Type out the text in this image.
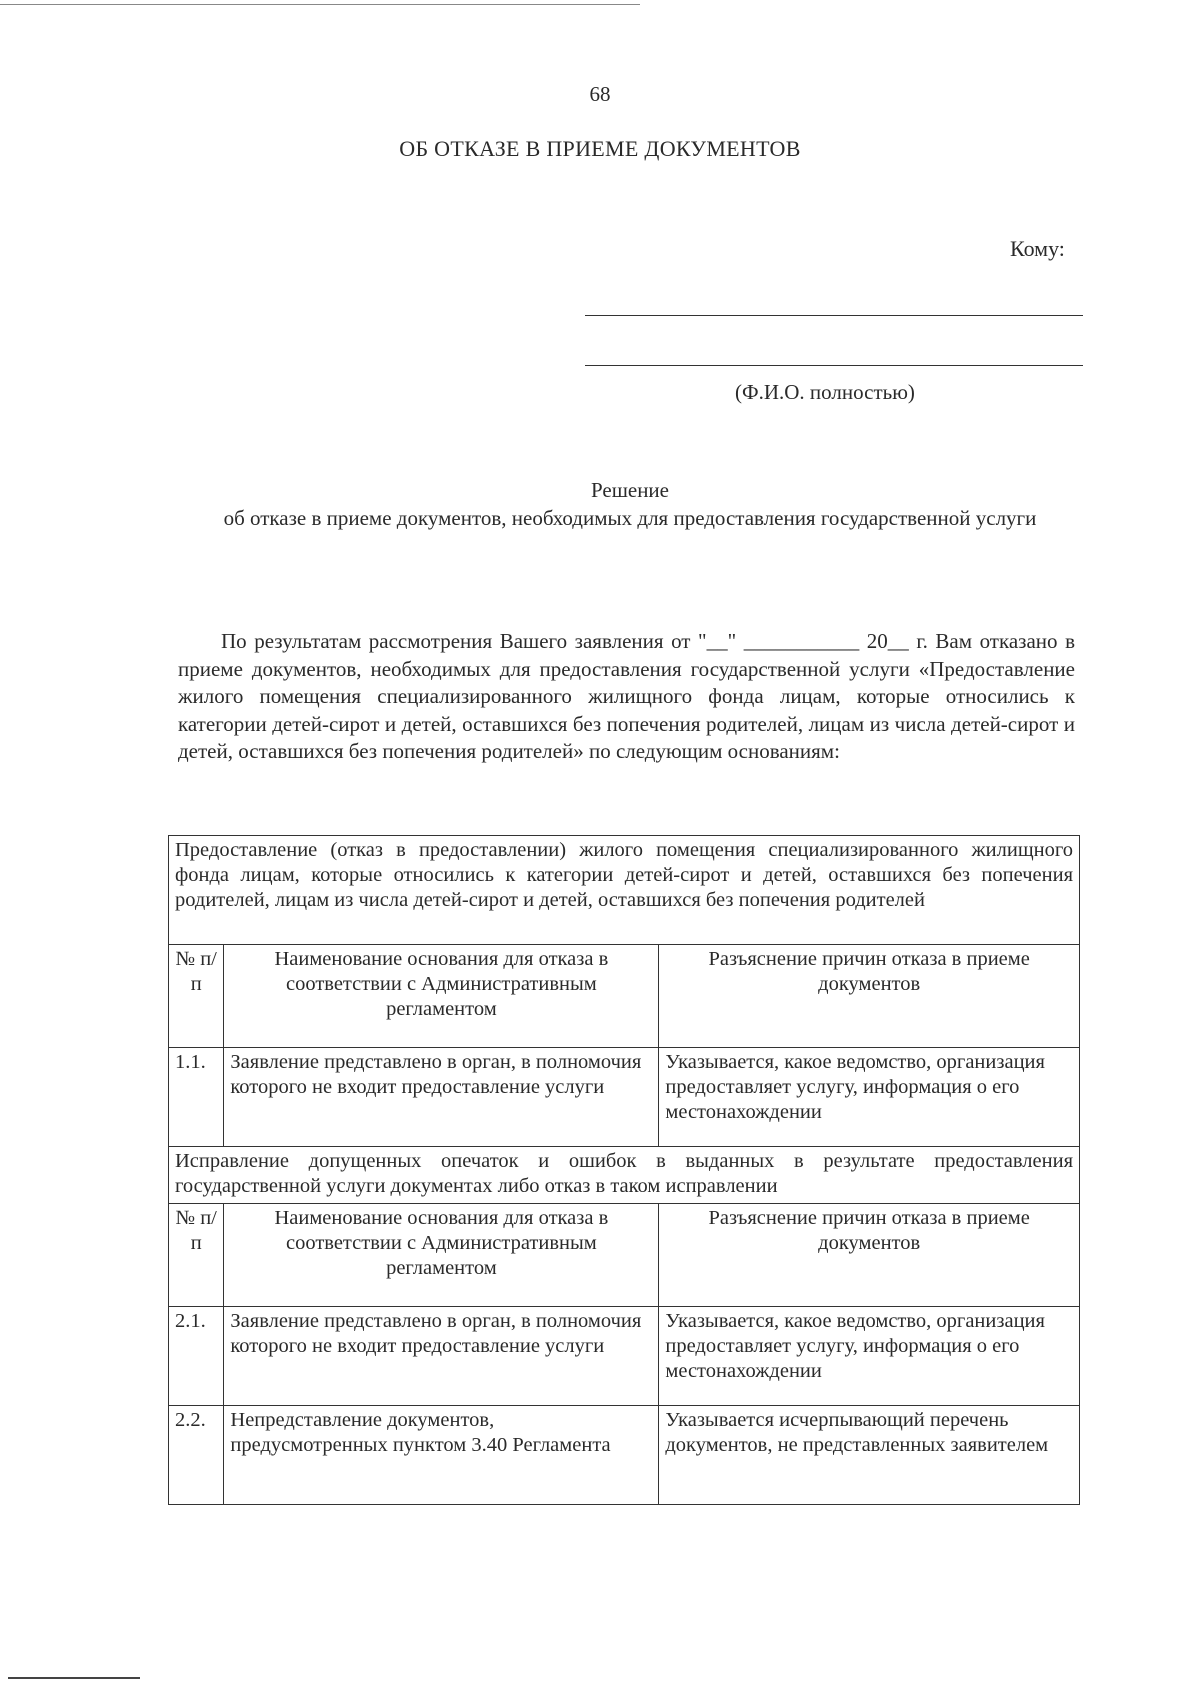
68
ОБ ОТКАЗЕ В ПРИЕМЕ ДОКУМЕНТОВ
Кому:
(Ф.И.О. полностью)
Решение
об отказе в приеме документов, необходимых для предоставления государственной услуги

По результатам рассмотрения Вашего заявления от "__" ___________ 20__ г. Вам отказано в приеме документов, необходимых для предоставления государственной услуги «Предоставление жилого помещения специализированного жилищного фонда лицам, которые относились к категории детей-сирот и детей, оставшихся без попечения родителей, лицам из числа детей-сирот и детей, оставшихся без попечения родителей» по следующим основаниям:

Предоставление (отказ в предоставлении) жилого помещения специализированного жилищного фонда лицам, которые относились к категории детей-сирот и детей, оставшихся без попечения родителей, лицам из числа детей-сирот и детей, оставшихся без попечения родителей		
№ п/п	Наименование основания для отказа в соответствии с Административным регламентом	Разъяснение причин отказа в приеме документов
1.1.	Заявление представлено в орган, в полномочия которого не входит предоставление услуги	Указывается, какое ведомство, организация предоставляет услугу, информация о его местонахождении
Исправление допущенных опечаток и ошибок в выданных в результате предоставления государственной услуги документах либо отказ в таком исправлении		
№ п/п	Наименование основания для отказа в соответствии с Административным регламентом	Разъяснение причин отказа в приеме документов
2.1.	Заявление представлено в орган, в полномочия которого не входит предоставление услуги	Указывается, какое ведомство, организация предоставляет услугу, информация о его местонахождении
2.2.	Непредставление документов, предусмотренных пунктом 3.40 Регламента	Указывается исчерпывающий перечень документов, не представленных заявителем
